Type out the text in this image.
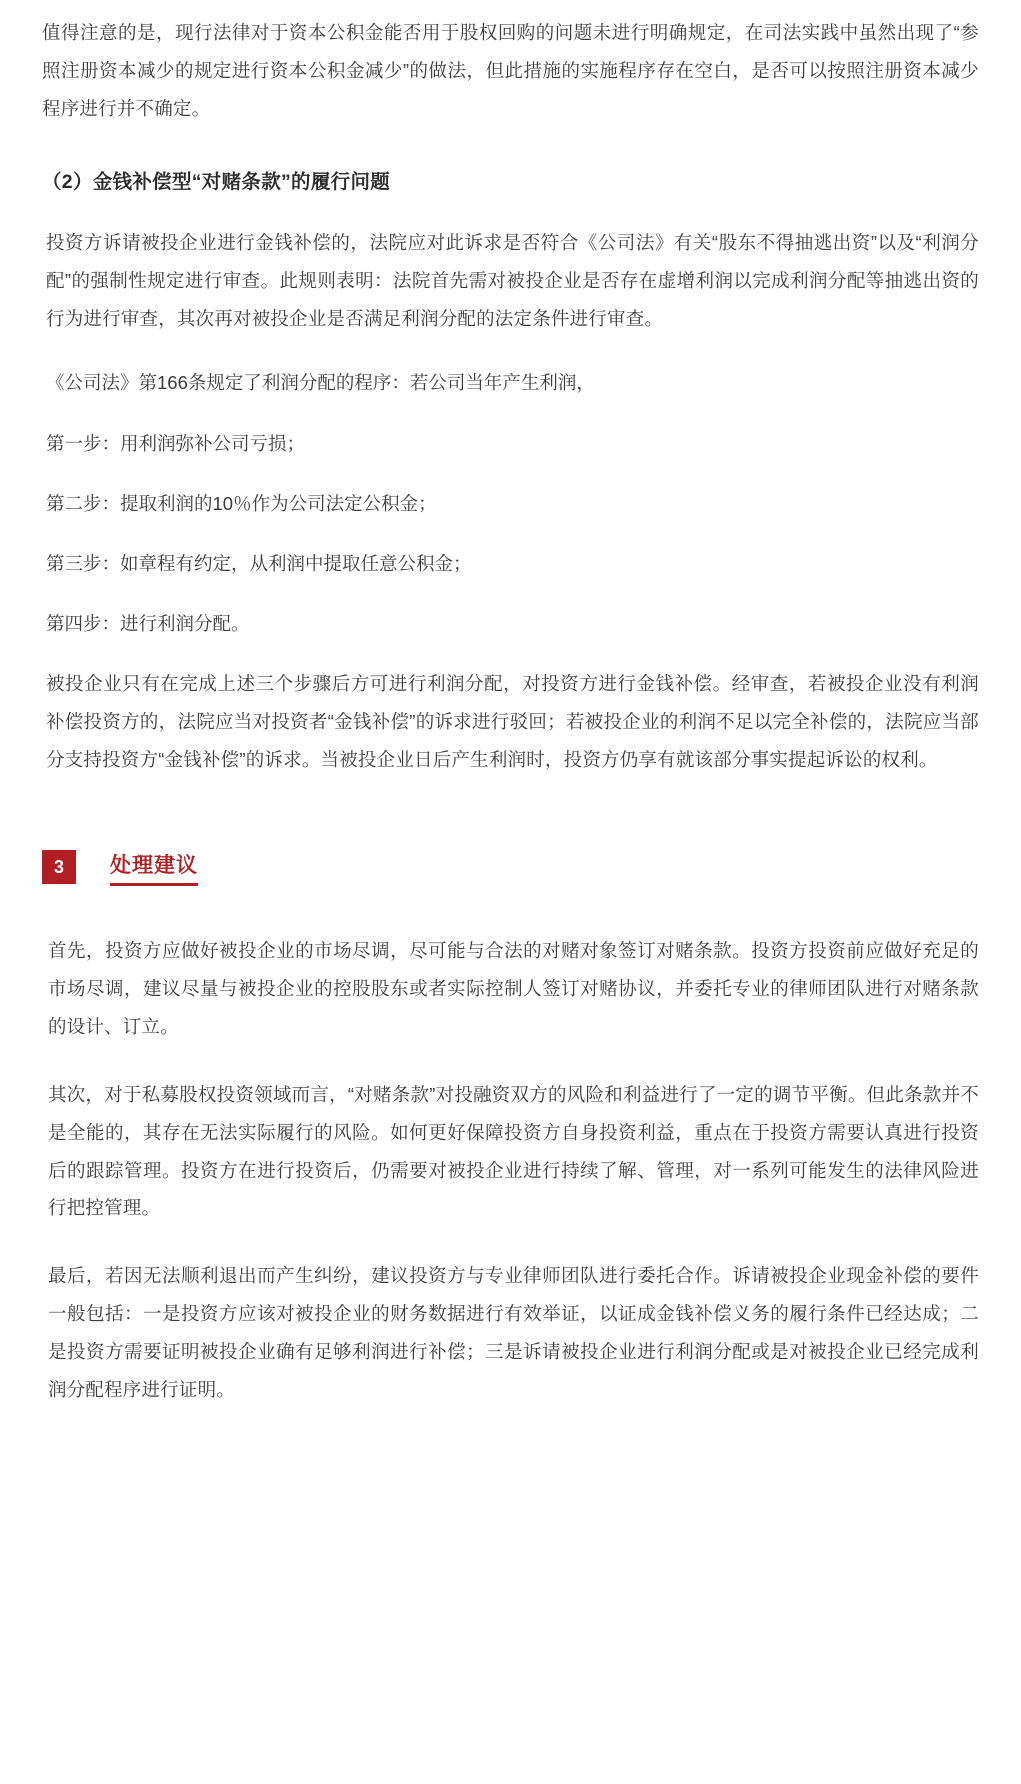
值得注意的是，现行法律对于资本公积金能否用于股权回购的问题未进行明确规定，在司法实践中虽然出现了“参照注册资本减少的规定进行资本公积金减少”的做法，但此措施的实施程序存在空白，是否可以按照注册资本减少程序进行并不确定。

（2）金钱补偿型“对赌条款”的履行问题

投资方诉请被投企业进行金钱补偿的，法院应对此诉求是否符合《公司法》有关“股东不得抽逃出资”以及“利润分配”的强制性规定进行审查。此规则表明：法院首先需对被投企业是否存在虚增利润以完成利润分配等抽逃出资的行为进行审查，其次再对被投企业是否满足利润分配的法定条件进行审查。

《公司法》第166条规定了利润分配的程序：若公司当年产生利润，

第一步：用利润弥补公司亏损；

第二步：提取利润的10％作为公司法定公积金；

第三步：如章程有约定，从利润中提取任意公积金；

第四步：进行利润分配。

被投企业只有在完成上述三个步骤后方可进行利润分配，对投资方进行金钱补偿。经审查，若被投企业没有利润补偿投资方的，法院应当对投资者“金钱补偿”的诉求进行驳回；若被投企业的利润不足以完全补偿的，法院应当部分支持投资方“金钱补偿”的诉求。当被投企业日后产生利润时，投资方仍享有就该部分事实提起诉讼的权利。

3	处理建议

首先，投资方应做好被投企业的市场尽调，尽可能与合法的对赌对象签订对赌条款。投资方投资前应做好充足的市场尽调，建议尽量与被投企业的控股股东或者实际控制人签订对赌协议，并委托专业的律师团队进行对赌条款的设计、订立。

其次，对于私募股权投资领域而言，“对赌条款”对投融资双方的风险和利益进行了一定的调节平衡。但此条款并不是全能的，其存在无法实际履行的风险。如何更好保障投资方自身投资利益，重点在于投资方需要认真进行投资后的跟踪管理。投资方在进行投资后，仍需要对被投企业进行持续了解、管理，对一系列可能发生的法律风险进行把控管理。

最后，若因无法顺利退出而产生纠纷，建议投资方与专业律师团队进行委托合作。诉请被投企业现金补偿的要件一般包括：一是投资方应该对被投企业的财务数据进行有效举证，以证成金钱补偿义务的履行条件已经达成；二是投资方需要证明被投企业确有足够利润进行补偿；三是诉请被投企业进行利润分配或是对被投企业已经完成利润分配程序进行证明。
